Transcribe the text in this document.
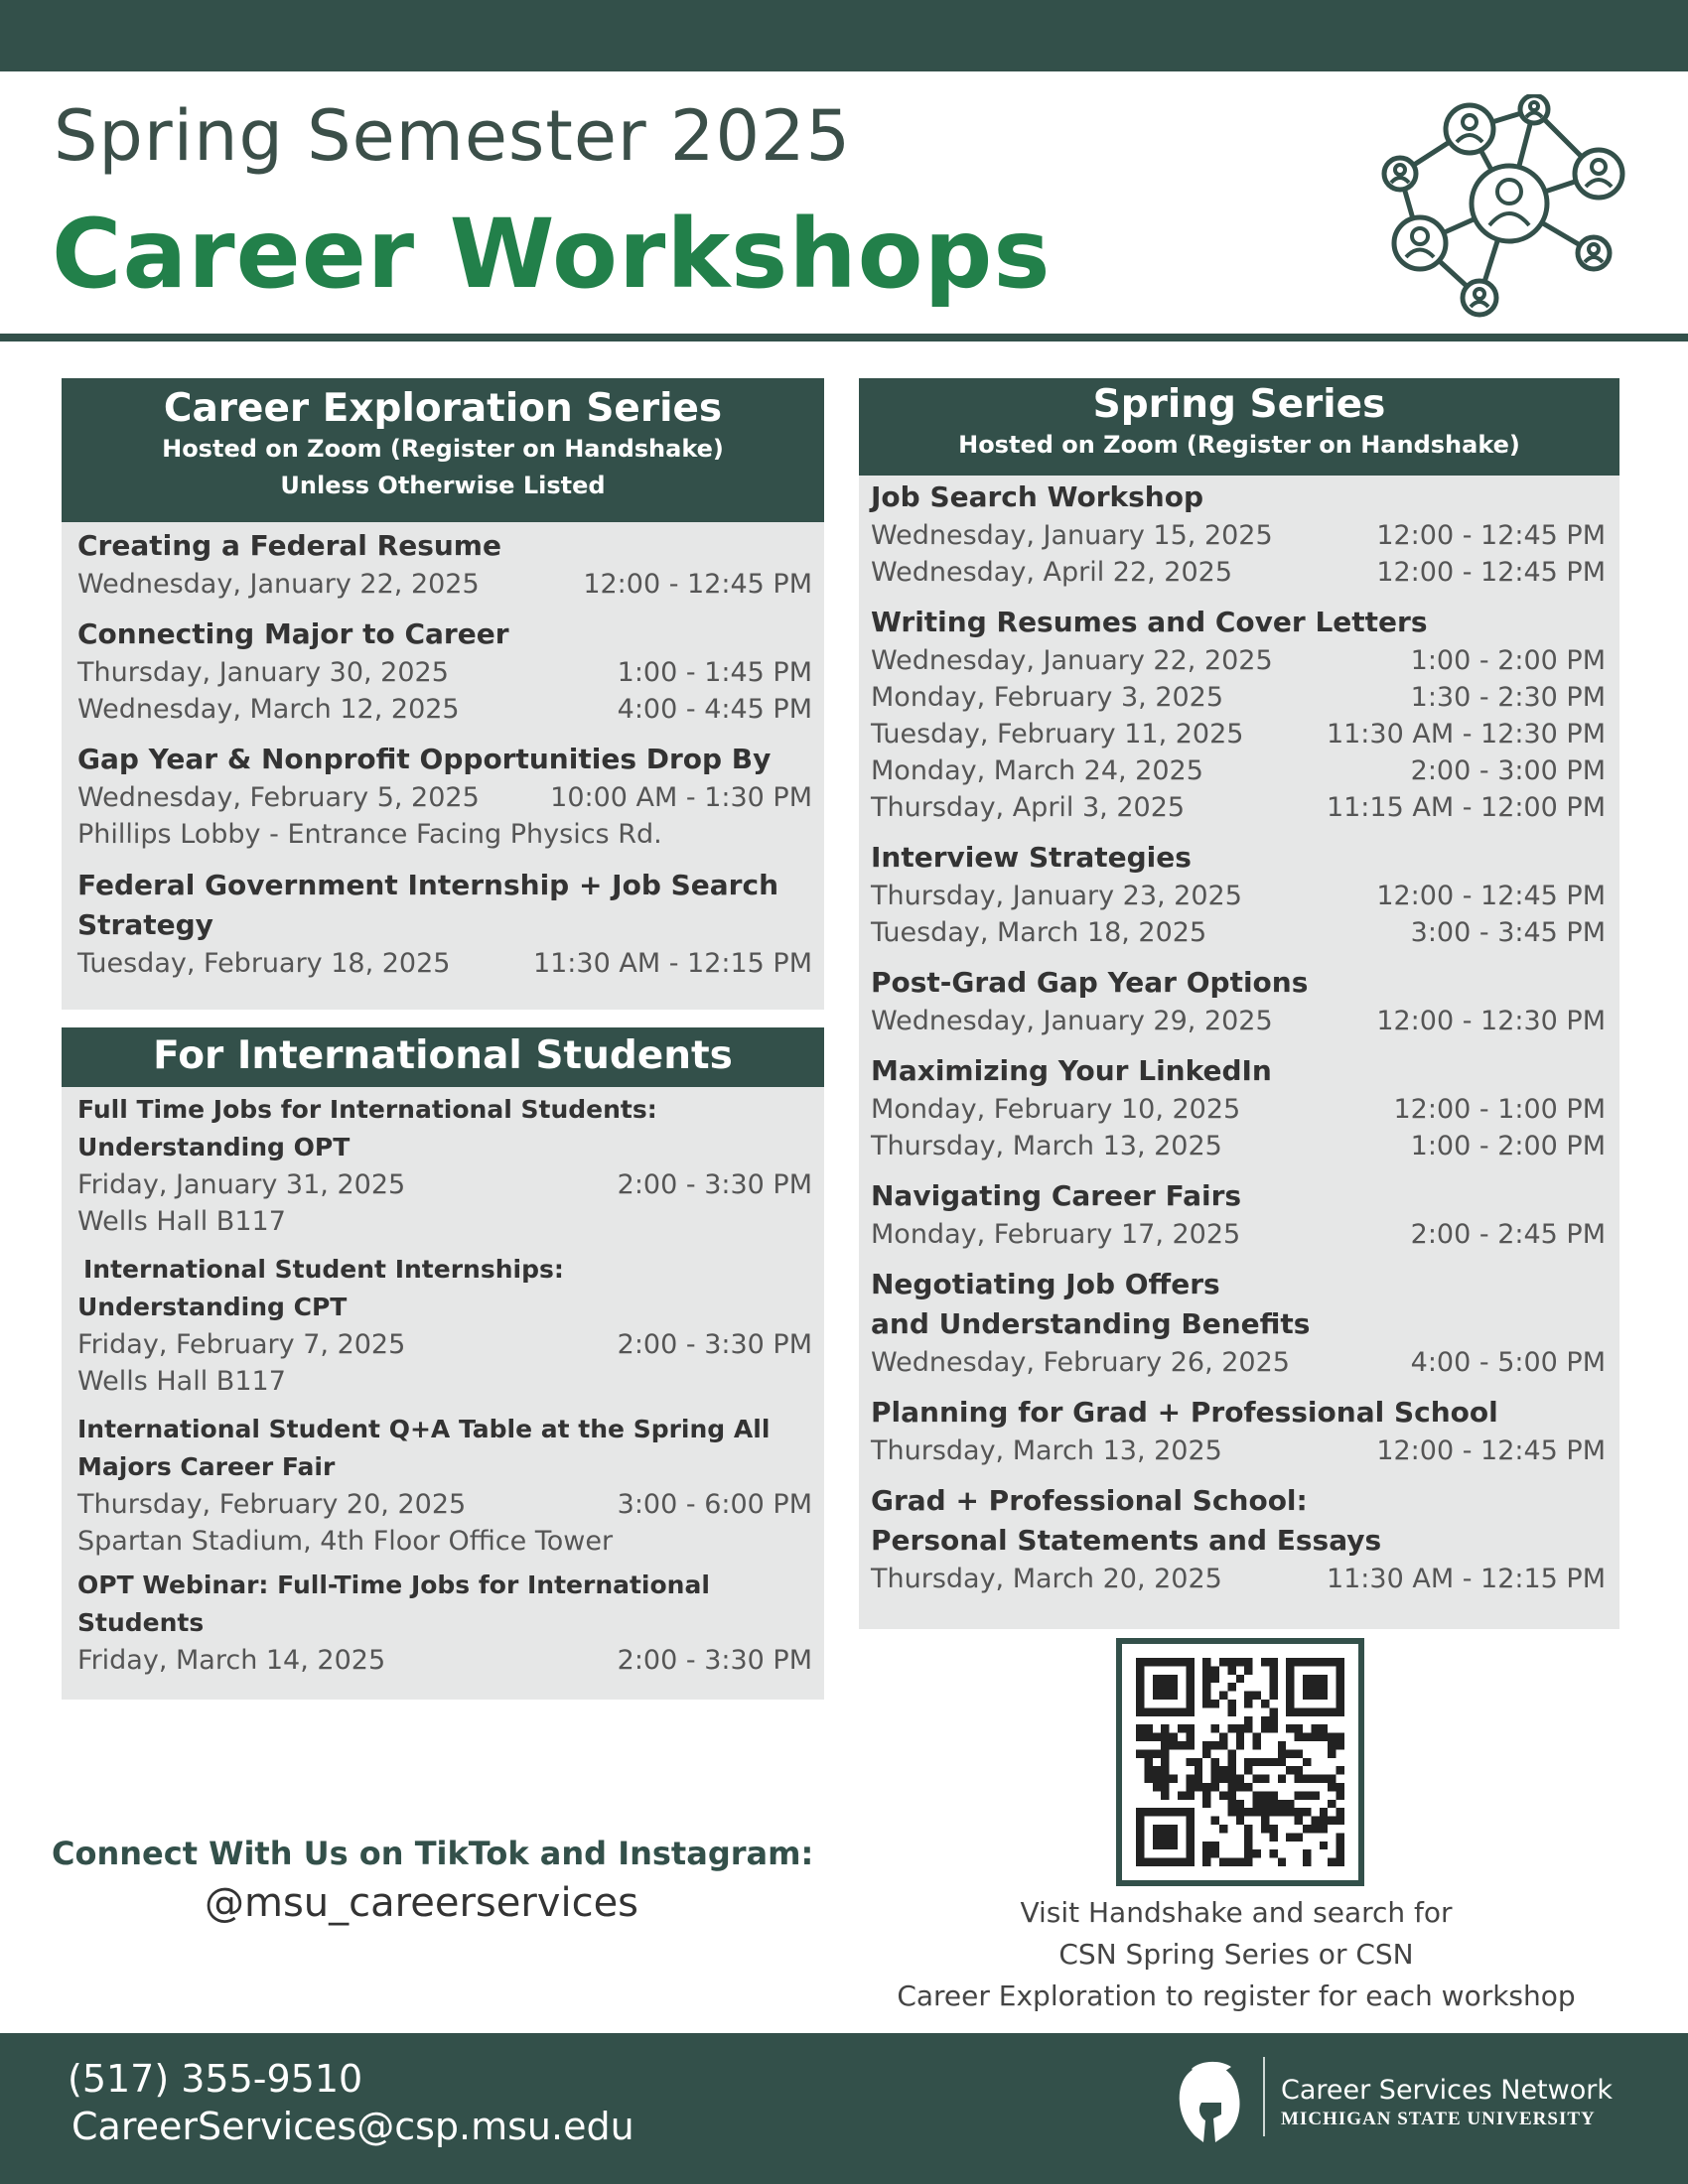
Spring Semester 2025
Career Workshops
Career Exploration Series
Hosted on Zoom (Register on Handshake)
Unless Otherwise Listed
Creating a Federal Resume
Wednesday, January 22, 2025	12:00 - 12:45 PM
Connecting Major to Career
Thursday, January 30, 2025	1:00 - 1:45 PM
Wednesday, March 12, 2025	4:00 - 4:45 PM
Gap Year & Nonprofit Opportunities Drop By
Wednesday, February 5, 2025	10:00 AM - 1:30 PM
Phillips Lobby - Entrance Facing Physics Rd.
Federal Government Internship + Job Search
Strategy
Tuesday, February 18, 2025	11:30 AM - 12:15 PM
For International Students
Full Time Jobs for International Students:
Understanding OPT
Friday, January 31, 2025	2:00 - 3:30 PM
Wells Hall B117
International Student Internships:
Understanding CPT
Friday, February 7, 2025	2:00 - 3:30 PM
Wells Hall B117
International Student Q+A Table at the Spring All
Majors Career Fair
Thursday, February 20, 2025	3:00 - 6:00 PM
Spartan Stadium, 4th Floor Office Tower
OPT Webinar: Full-Time Jobs for International
Students
Friday, March 14, 2025	2:00 - 3:30 PM
Spring Series
Hosted on Zoom (Register on Handshake)
Job Search Workshop
Wednesday, January 15, 2025	12:00 - 12:45 PM
Wednesday, April 22, 2025	12:00 - 12:45 PM
Writing Resumes and Cover Letters
Wednesday, January 22, 2025	1:00 - 2:00 PM
Monday, February 3, 2025	1:30 - 2:30 PM
Tuesday, February 11, 2025	11:30 AM - 12:30 PM
Monday, March 24, 2025	2:00 - 3:00 PM
Thursday, April 3, 2025	11:15 AM - 12:00 PM
Interview Strategies
Thursday, January 23, 2025	12:00 - 12:45 PM
Tuesday, March 18, 2025	3:00 - 3:45 PM
Post-Grad Gap Year Options
Wednesday, January 29, 2025	12:00 - 12:30 PM
Maximizing Your LinkedIn
Monday, February 10, 2025	12:00 - 1:00 PM
Thursday, March 13, 2025	1:00 - 2:00 PM
Navigating Career Fairs
Monday, February 17, 2025	2:00 - 2:45 PM
Negotiating Job Offers
and Understanding Benefits
Wednesday, February 26, 2025	4:00 - 5:00 PM
Planning for Grad + Professional School
Thursday, March 13, 2025	12:00 - 12:45 PM
Grad + Professional School:
Personal Statements and Essays
Thursday, March 20, 2025	11:30 AM - 12:15 PM
Connect With Us on TikTok and Instagram:
@msu_careerservices	Visit Handshake and search for
CSN Spring Series or CSN
Career Exploration to register for each workshop
(517) 355-9510
CareerServices@csp.msu.edu
Career Services Network
MICHIGAN STATE UNIVERSITY
